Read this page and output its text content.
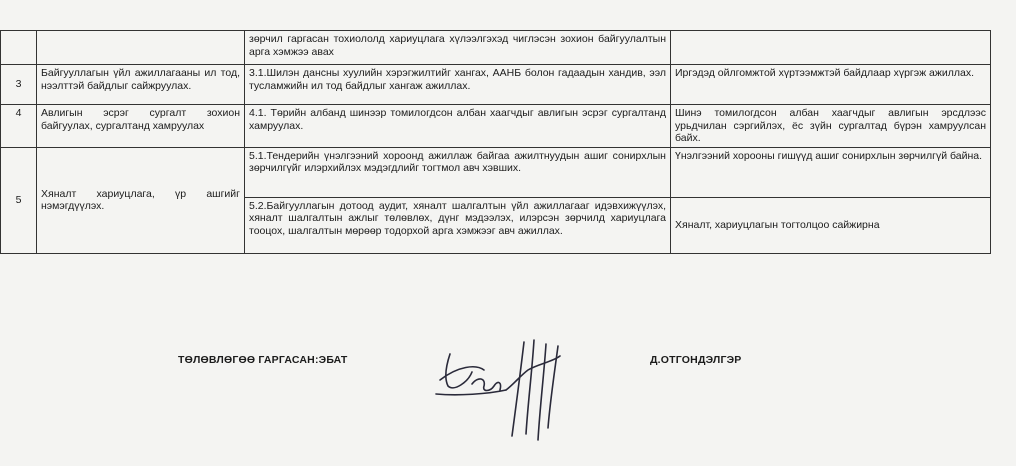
		зөрчил гаргасан тохиололд хариуцлага хүлээлгэхэд чиглэсэн зохион байгуулалтын арга хэмжээ авах	
3	Байгууллагын үйл ажиллагааны ил тод, нээлттэй байдлыг сайжруулах.	3.1.Шилэн дансны хуулийн хэрэгжилтийг хангах, ААНБ болон гадаадын хандив, ээл тусламжийн ил тод байдлыг хангаж ажиллах.	Иргэдэд ойлгомжтой хүртээмжтэй байдлаар хүргэж ажиллах.
4	Авлигын эсрэг сургалт зохион байгуулах, сургалтанд хамруулах	4.1. Төрийн албанд шинээр томилогдсон албан хаагчдыг авлигын эсрэг сургалтанд хамруулах.	Шинэ томилогдсон албан хаагчдыг авлигын эрсдлээс урьдчилан сэргийлэх, ёс зүйн сургалтад бүрэн хамруулсан байх.
5	Хяналт хариуцлага, үр ашгийг нэмэгдүүлэх.	5.1.Тендерийн үнэлгээний хороонд ажиллаж байгаа ажилтнуудын ашиг сонирхлын зөрчилгүйг илэрхийлэх мэдэгдлийг тогтмол авч хэвших.	Үнэлгээний хорооны гишүүд ашиг сонирхлын зөрчилгүй байна.
		5.2.Байгууллагын дотоод аудит, хяналт шалгалтын үйл ажиллагааг идэвхижүүлэх, хяналт шалгалтын ажлыг төлөвлөх, дүнг мэдээлэх, илэрсэн зөрчилд хариуцлага тооцох, шалгалтын мөрөөр тодорхой арга хэмжээг авч ажиллах.	Хяналт, хариуцлагын тогтолцоо сайжирна
ТӨЛӨВЛӨГӨӨ ГАРГАСАН:ЭБАТ	Д.ОТГОНДЭЛГЭР
